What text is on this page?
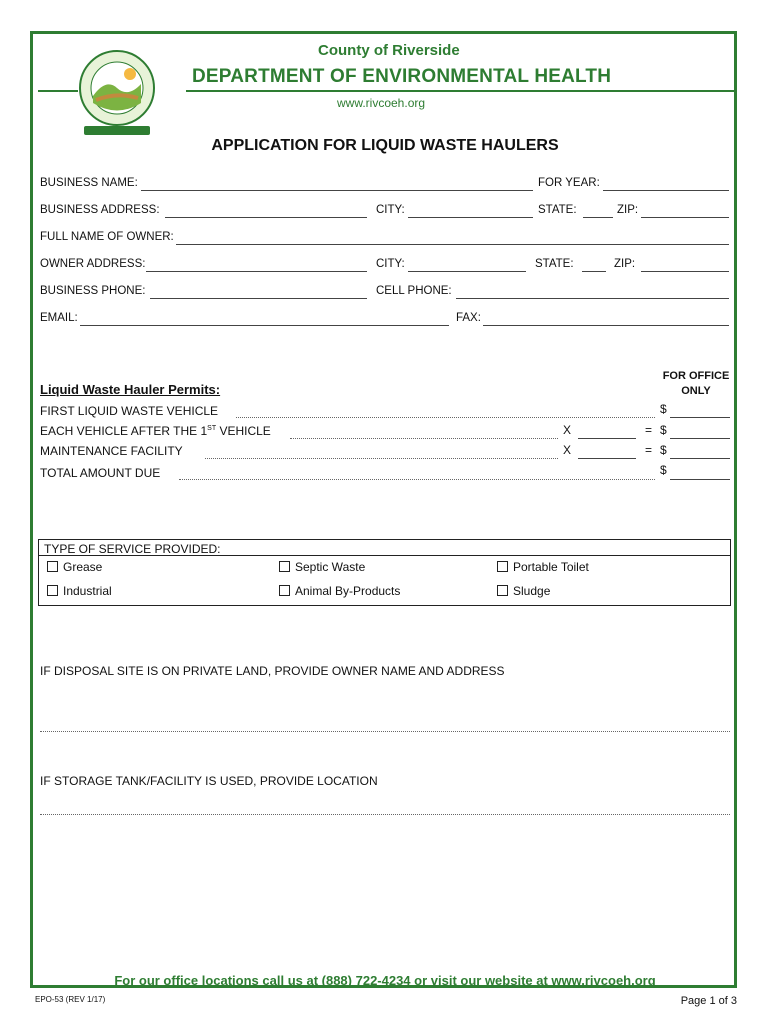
County of Riverside
DEPARTMENT OF ENVIRONMENTAL HEALTH
www.rivcoeh.org
APPLICATION FOR LIQUID WASTE HAULERS
BUSINESS NAME:	FOR YEAR:
BUSINESS ADDRESS:	CITY:	STATE:	ZIP:
FULL NAME OF OWNER:
OWNER ADDRESS:	CITY:	STATE:	ZIP:
BUSINESS PHONE:	CELL PHONE:
EMAIL:	FAX:
FOR OFFICE
ONLY
Liquid Waste Hauler Permits:
FIRST LIQUID WASTE VEHICLE	$
EACH VEHICLE AFTER THE 1ST VEHICLE	X	= $
MAINTENANCE FACILITY	X	= $
TOTAL AMOUNT DUE	$
TYPE OF SERVICE PROVIDED:
Grease	Septic Waste	Portable Toilet
Industrial	Animal By-Products	Sludge
IF DISPOSAL SITE IS ON PRIVATE LAND, PROVIDE OWNER NAME AND ADDRESS
IF STORAGE TANK/FACILITY IS USED, PROVIDE LOCATION
For our office locations call us at (888) 722-4234 or visit our website at www.rivcoeh.org
EPO-53 (REV 1/17)	Page 1 of 3
